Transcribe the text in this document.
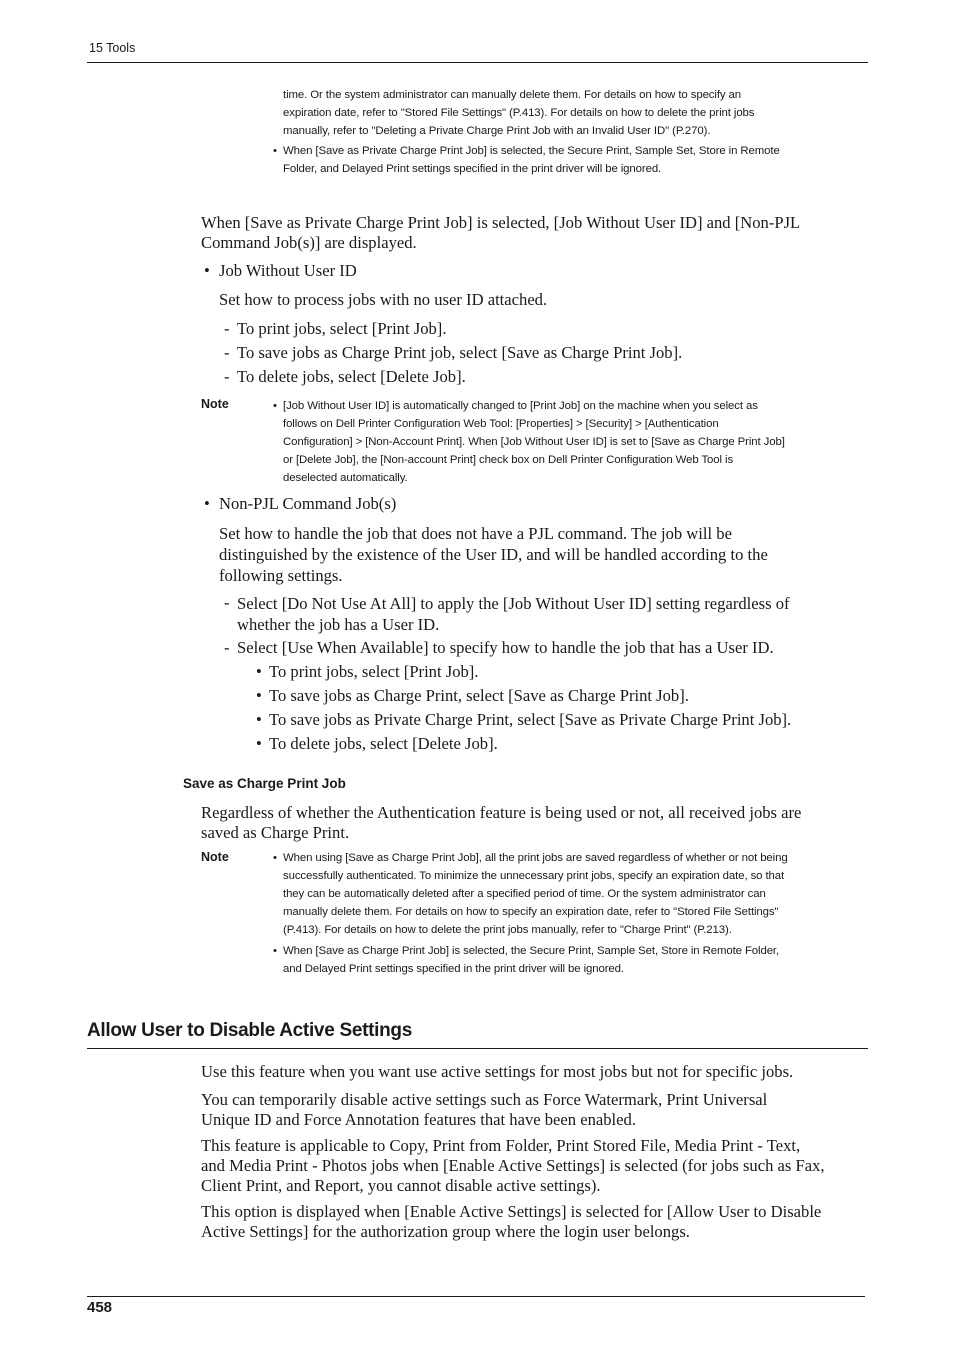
15 Tools
time. Or the system administrator can manually delete them. For details on how to specify an
expiration date, refer to "Stored File Settings" (P.413). For details on how to delete the print jobs
manually, refer to "Deleting a Private Charge Print Job with an Invalid User ID" (P.270).
• When [Save as Private Charge Print Job] is selected, the Secure Print, Sample Set, Store in Remote
Folder, and Delayed Print settings specified in the print driver will be ignored.
When [Save as Private Charge Print Job] is selected, [Job Without User ID] and [Non-PJL
Command Job(s)] are displayed.
• Job Without User ID
Set how to process jobs with no user ID attached.
- To print jobs, select [Print Job].
- To save jobs as Charge Print job, select [Save as Charge Print Job].
- To delete jobs, select [Delete Job].
Note	• [Job Without User ID] is automatically changed to [Print Job] on the machine when you select as
follows on Dell Printer Configuration Web Tool: [Properties] > [Security] > [Authentication
Configuration] > [Non-Account Print]. When [Job Without User ID] is set to [Save as Charge Print Job]
or [Delete Job], the [Non-account Print] check box on Dell Printer Configuration Web Tool is
deselected automatically.
• Non-PJL Command Job(s)
Set how to handle the job that does not have a PJL command. The job will be
distinguished by the existence of the User ID, and will be handled according to the
following settings.
- Select [Do Not Use At All] to apply the [Job Without User ID] setting regardless of
whether the job has a User ID.
- Select [Use When Available] to specify how to handle the job that has a User ID.
• To print jobs, select [Print Job].
• To save jobs as Charge Print, select [Save as Charge Print Job].
• To save jobs as Private Charge Print, select [Save as Private Charge Print Job].
• To delete jobs, select [Delete Job].
Save as Charge Print Job
Regardless of whether the Authentication feature is being used or not, all received jobs are
saved as Charge Print.
Note	• When using [Save as Charge Print Job], all the print jobs are saved regardless of whether or not being
successfully authenticated. To minimize the unnecessary print jobs, specify an expiration date, so that
they can be automatically deleted after a specified period of time. Or the system administrator can
manually delete them. For details on how to specify an expiration date, refer to "Stored File Settings"
(P.413). For details on how to delete the print jobs manually, refer to "Charge Print" (P.213).
• When [Save as Charge Print Job] is selected, the Secure Print, Sample Set, Store in Remote Folder,
and Delayed Print settings specified in the print driver will be ignored.
Allow User to Disable Active Settings
Use this feature when you want use active settings for most jobs but not for specific jobs.
You can temporarily disable active settings such as Force Watermark, Print Universal
Unique ID and Force Annotation features that have been enabled.
This feature is applicable to Copy, Print from Folder, Print Stored File, Media Print - Text,
and Media Print - Photos jobs when [Enable Active Settings] is selected (for jobs such as Fax,
Client Print, and Report, you cannot disable active settings).
This option is displayed when [Enable Active Settings] is selected for [Allow User to Disable
Active Settings] for the authorization group where the login user belongs.
458
